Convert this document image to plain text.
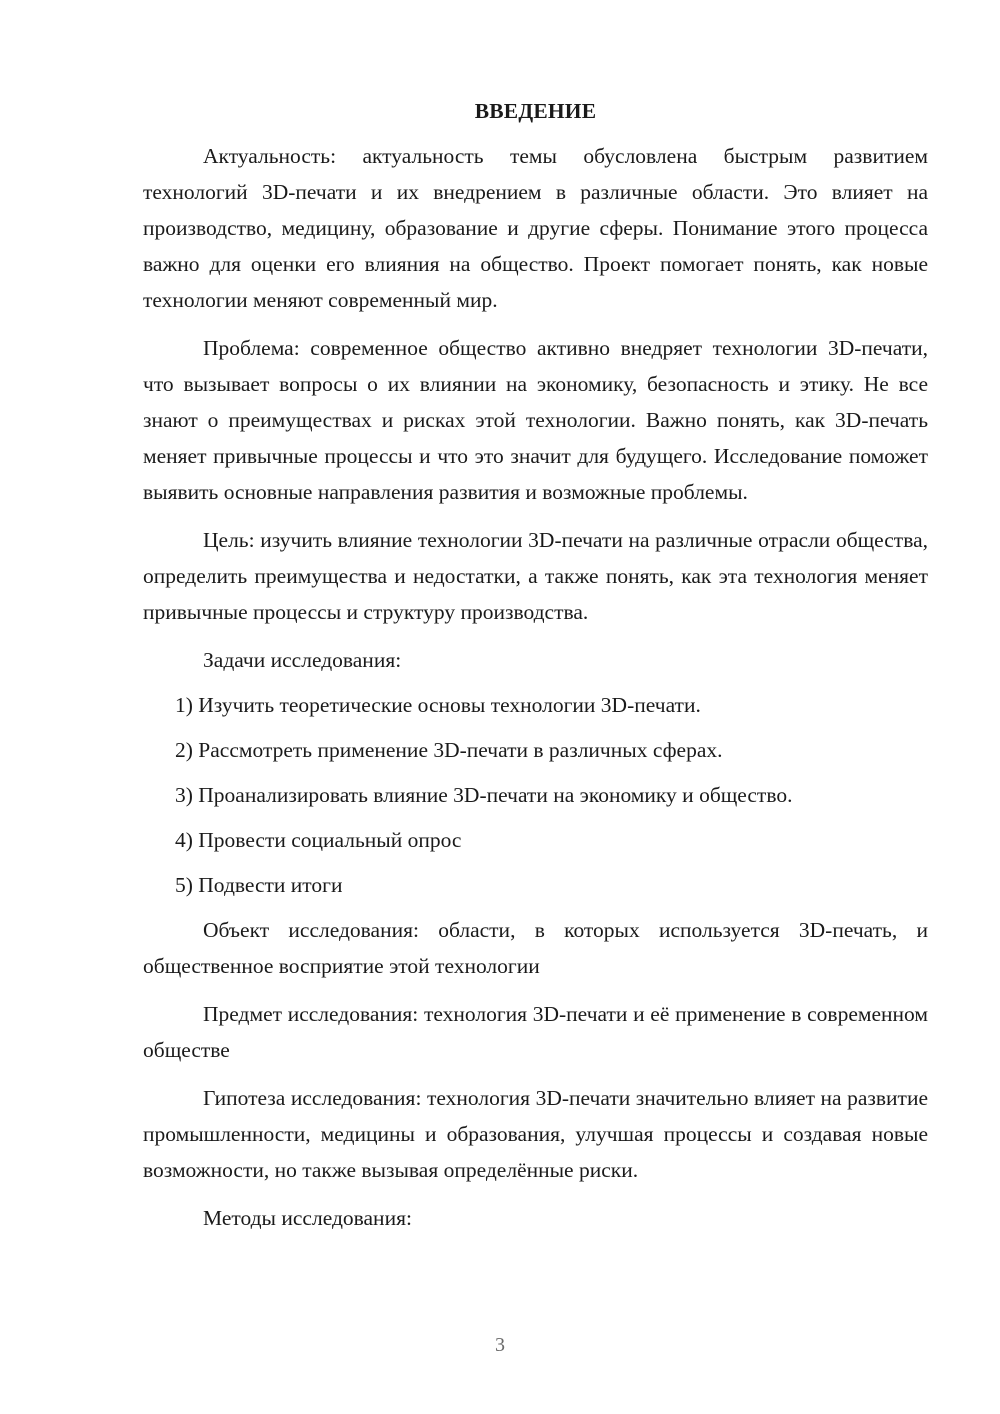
ВВЕДЕНИЕ

Актуальность: актуальность темы обусловлена быстрым развитием технологий 3D-печати и их внедрением в различные области. Это влияет на производство, медицину, образование и другие сферы. Понимание этого процесса важно для оценки его влияния на общество. Проект помогает понять, как новые технологии меняют современный мир.

Проблема: современное общество активно внедряет технологии 3D-печати, что вызывает вопросы о их влиянии на экономику, безопасность и этику. Не все знают о преимуществах и рисках этой технологии. Важно понять, как 3D-печать меняет привычные процессы и что это значит для будущего. Исследование поможет выявить основные направления развития и возможные проблемы.

Цель: изучить влияние технологии 3D-печати на различные отрасли общества, определить преимущества и недостатки, а также понять, как эта технология меняет привычные процессы и структуру производства.

Задачи исследования:

1) Изучить теоретические основы технологии 3D-печати.
2) Рассмотреть применение 3D-печати в различных сферах.
3) Проанализировать влияние 3D-печати на экономику и общество.
4) Провести социальный опрос
5) Подвести итоги

Объект исследования: области, в которых используется 3D-печать, и общественное восприятие этой технологии

Предмет исследования: технология 3D-печати и её применение в современном обществе

Гипотеза исследования: технология 3D-печати значительно влияет на развитие промышленности, медицины и образования, улучшая процессы и создавая новые возможности, но также вызывая определённые риски.

Методы исследования:

3
